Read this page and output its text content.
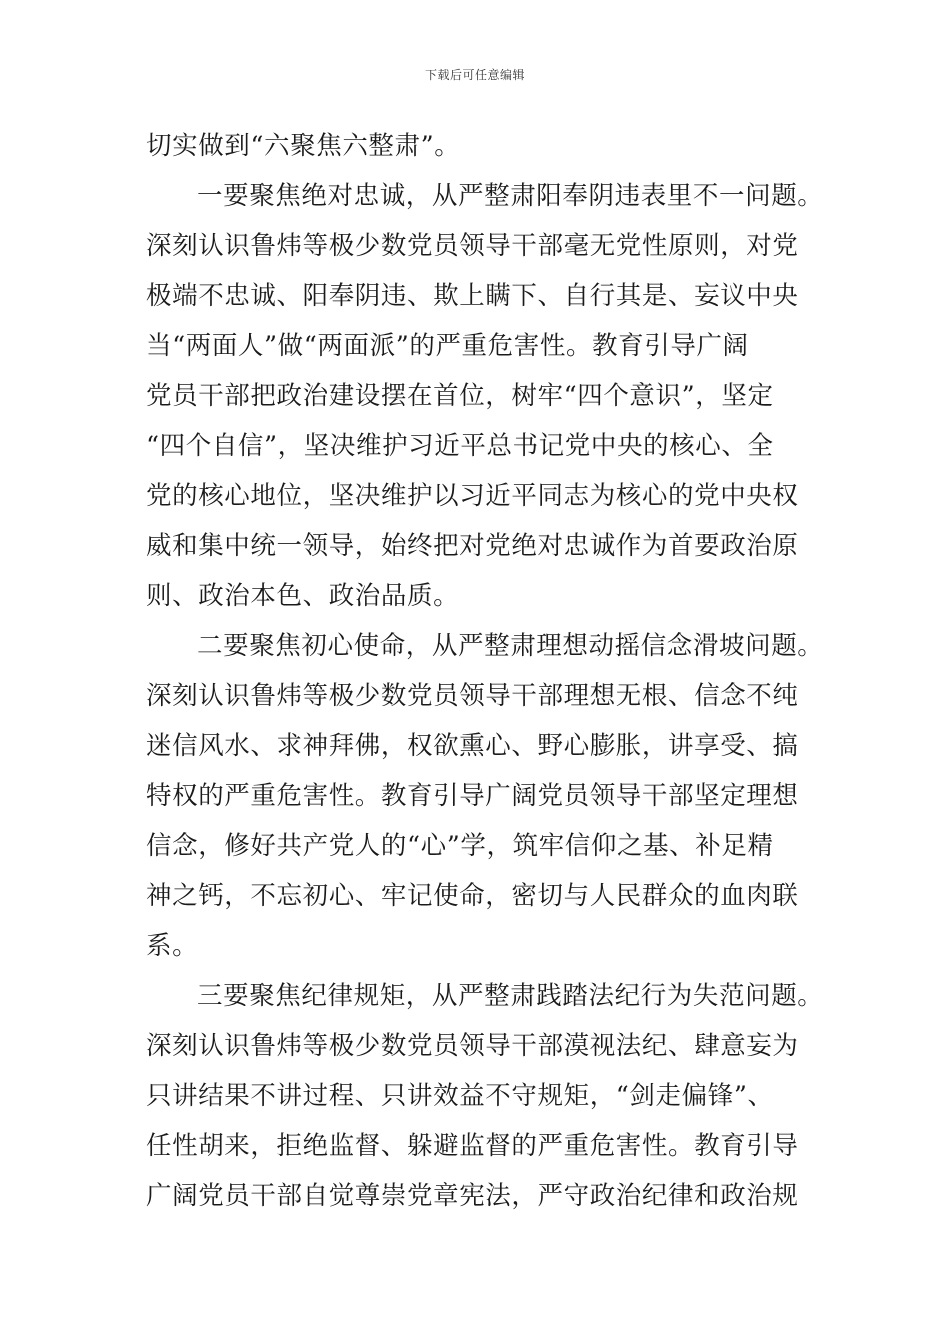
下载后可任意编辑
切实做到“六聚焦六整肃”。
一要聚焦绝对忠诚，从严整肃阳奉阴违表里不一问题。
深刻认识鲁炜等极少数党员领导干部毫无党性原则，对党
极端不忠诚、阳奉阴违、欺上瞒下、自行其是、妄议中央
当“两面人”做“两面派”的严重危害性。教育引导广阔
党员干部把政治建设摆在首位，树牢“四个意识”，坚定
“四个自信”，坚决维护习近平总书记党中央的核心、全
党的核心地位，坚决维护以习近平同志为核心的党中央权
威和集中统一领导，始终把对党绝对忠诚作为首要政治原
则、政治本色、政治品质。
二要聚焦初心使命，从严整肃理想动摇信念滑坡问题。
深刻认识鲁炜等极少数党员领导干部理想无根、信念不纯
迷信风水、求神拜佛，权欲熏心、野心膨胀，讲享受、搞
特权的严重危害性。教育引导广阔党员领导干部坚定理想
信念，修好共产党人的“心”学，筑牢信仰之基、补足精
神之钙，不忘初心、牢记使命，密切与人民群众的血肉联
系。
三要聚焦纪律规矩，从严整肃践踏法纪行为失范问题。
深刻认识鲁炜等极少数党员领导干部漠视法纪、肆意妄为
只讲结果不讲过程、只讲效益不守规矩，“剑走偏锋”、
任性胡来，拒绝监督、躲避监督的严重危害性。教育引导
广阔党员干部自觉尊崇党章宪法，严守政治纪律和政治规
